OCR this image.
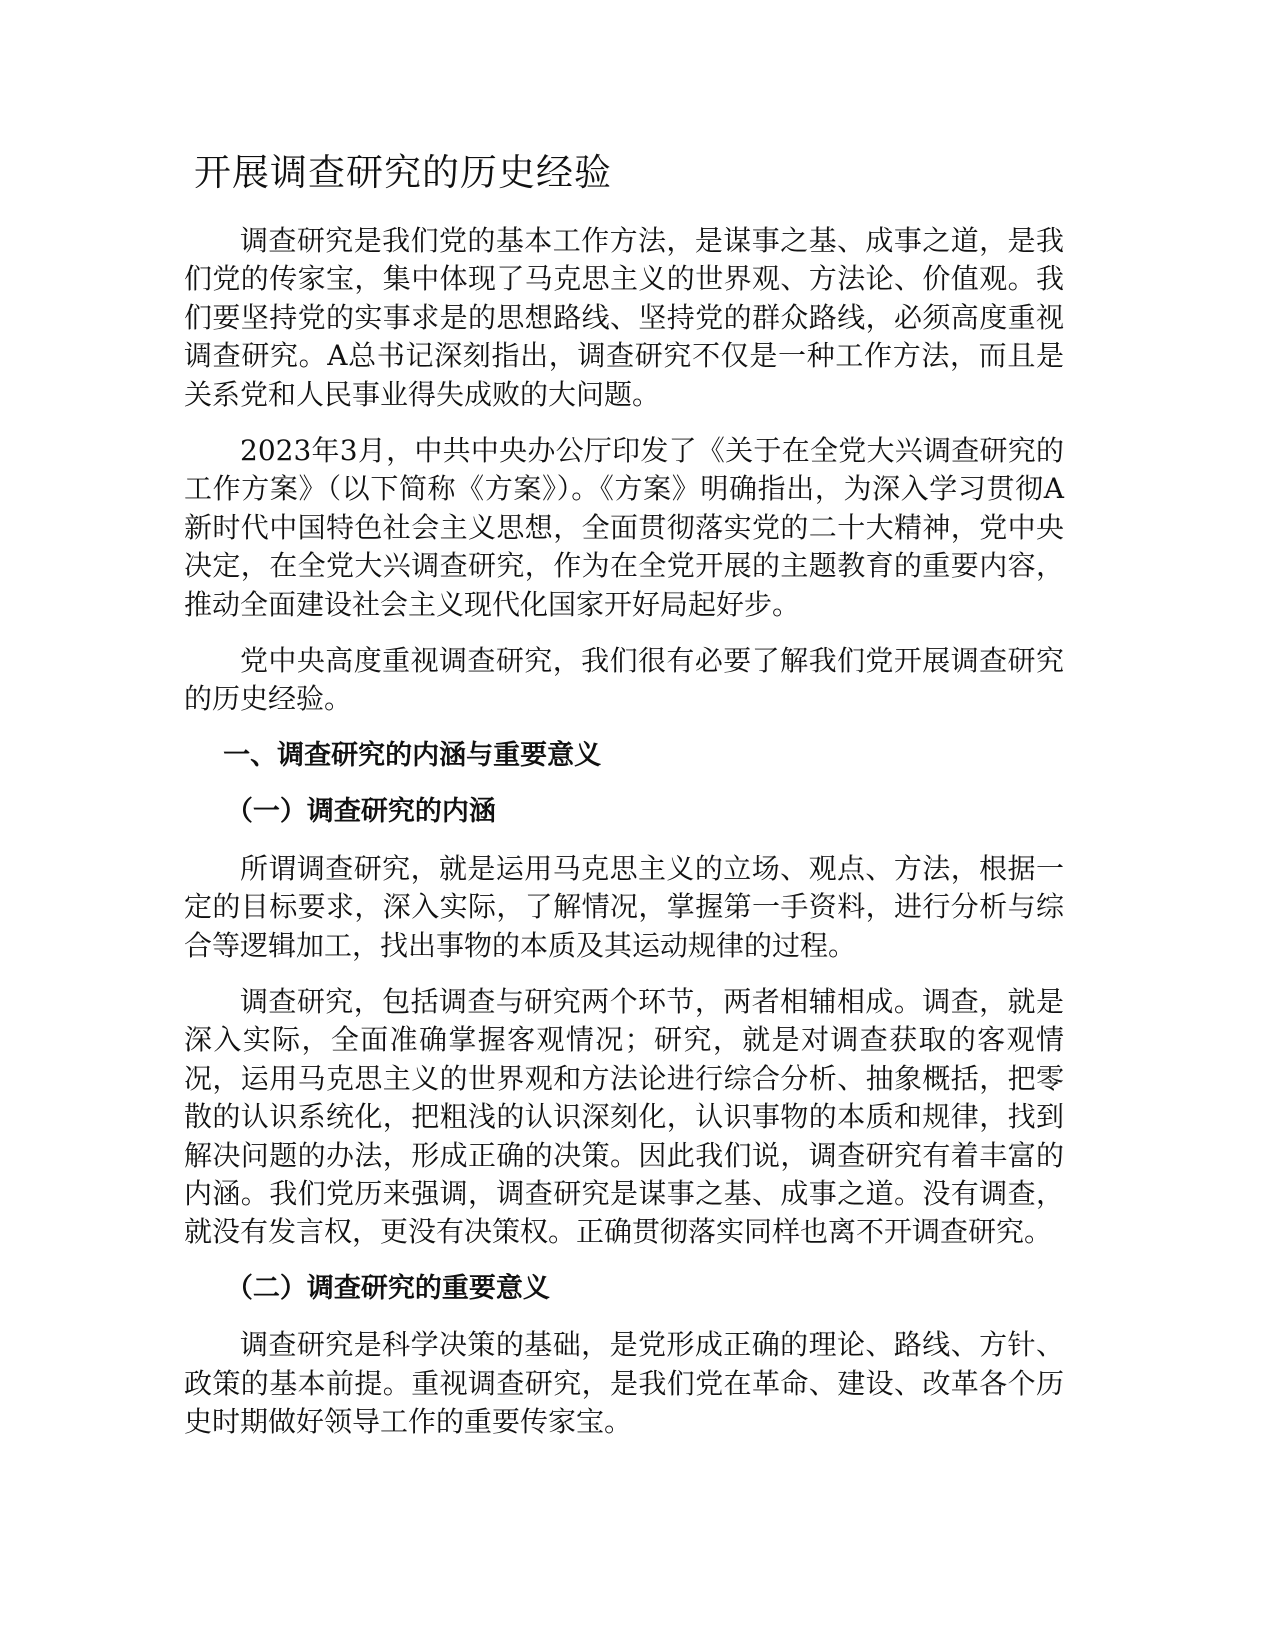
开展调查研究的历史经验

调查研究是我们党的基本工作方法，是谋事之基、成事之道，是我们党的传家宝，集中体现了马克思主义的世界观、方法论、价值观。我们要坚持党的实事求是的思想路线、坚持党的群众路线，必须高度重视调查研究。A总书记深刻指出，调查研究不仅是一种工作方法，而且是关系党和人民事业得失成败的大问题。

2023年3月，中共中央办公厅印发了《关于在全党大兴调查研究的工作方案》（以下简称《方案》）。《方案》明确指出，为深入学习贯彻A新时代中国特色社会主义思想，全面贯彻落实党的二十大精神，党中央决定，在全党大兴调查研究，作为在全党开展的主题教育的重要内容，推动全面建设社会主义现代化国家开好局起好步。

党中央高度重视调查研究，我们很有必要了解我们党开展调查研究的历史经验。

一、调查研究的内涵与重要意义
（一）调查研究的内涵

所谓调查研究，就是运用马克思主义的立场、观点、方法，根据一定的目标要求，深入实际，了解情况，掌握第一手资料，进行分析与综合等逻辑加工，找出事物的本质及其运动规律的过程。

调查研究，包括调查与研究两个环节，两者相辅相成。调查，就是深入实际，全面准确掌握客观情况；研究，就是对调查获取的客观情况，运用马克思主义的世界观和方法论进行综合分析、抽象概括，把零散的认识系统化，把粗浅的认识深刻化，认识事物的本质和规律，找到解决问题的办法，形成正确的决策。因此我们说，调查研究有着丰富的内涵。我们党历来强调，调查研究是谋事之基、成事之道。没有调查，就没有发言权，更没有决策权。正确贯彻落实同样也离不开调查研究。

（二）调查研究的重要意义

调查研究是科学决策的基础，是党形成正确的理论、路线、方针、政策的基本前提。重视调查研究，是我们党在革命、建设、改革各个历史时期做好领导工作的重要传家宝。
